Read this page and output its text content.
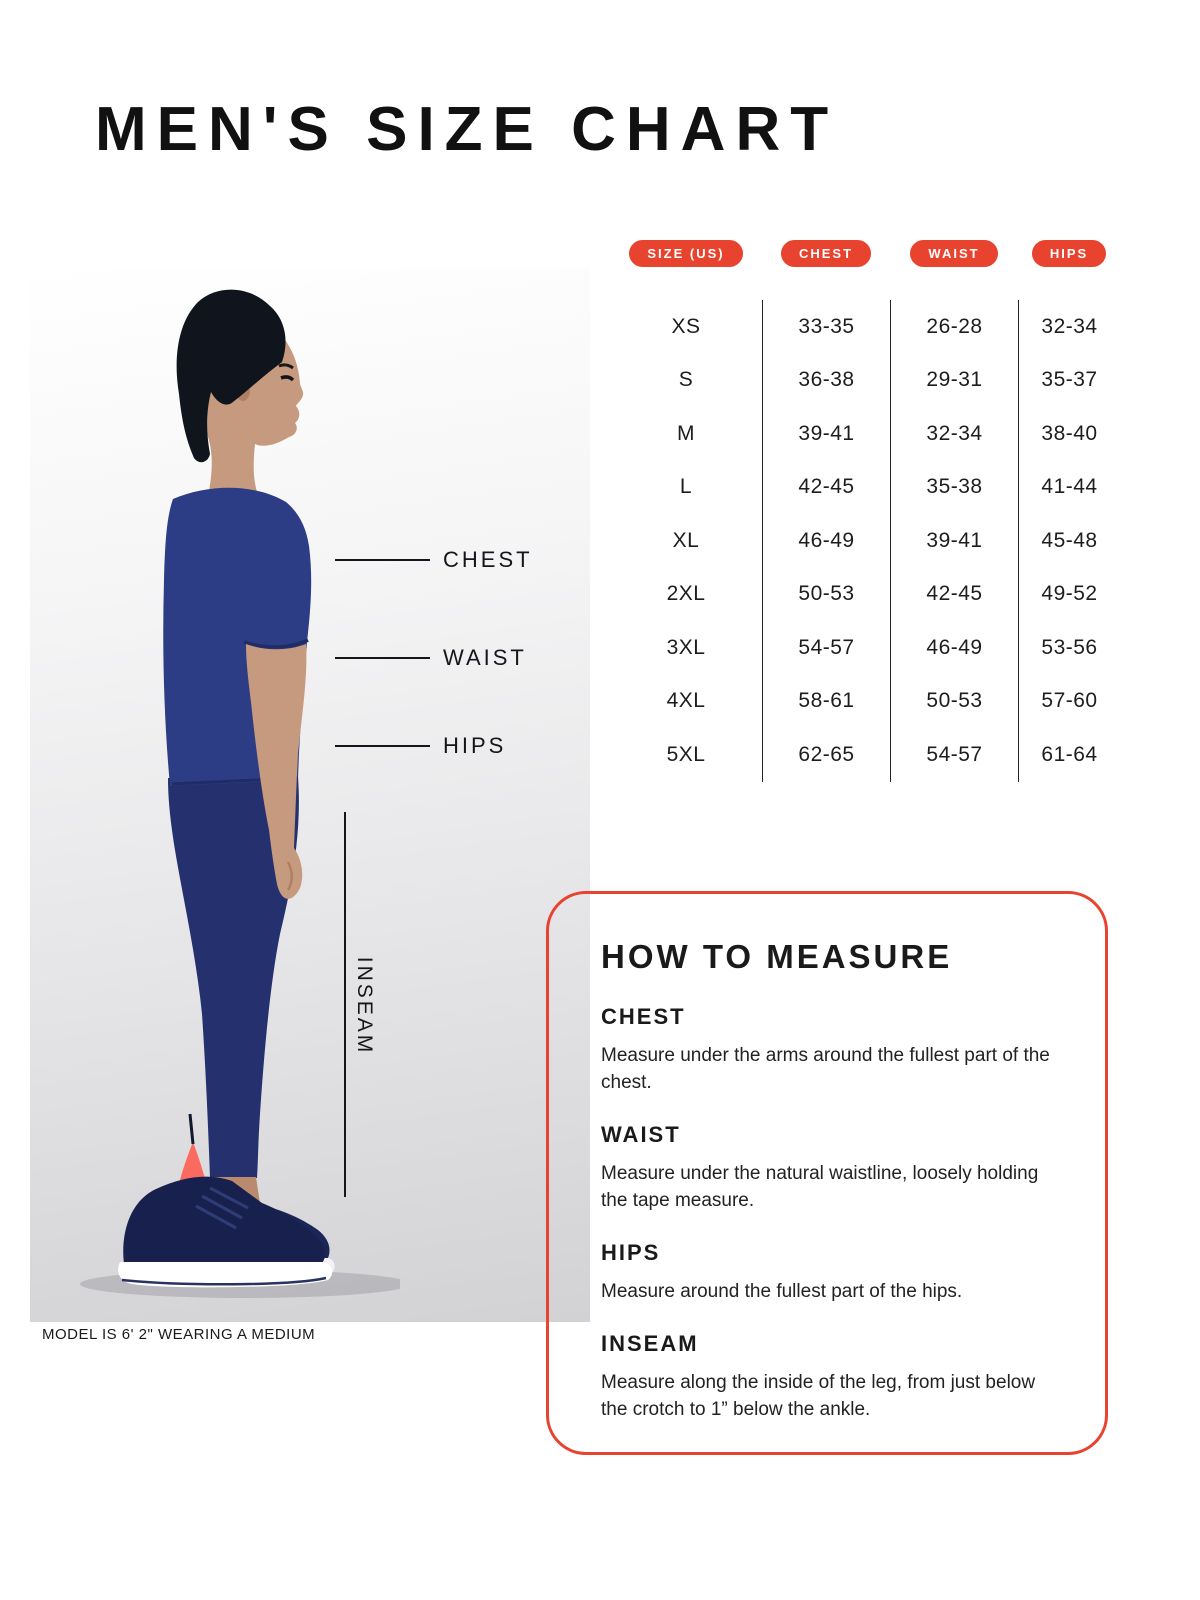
MEN'S SIZE CHART
CHEST
WAIST
HIPS
INSEAM
MODEL IS 6' 2" WEARING A MEDIUM
SIZE (US)	CHEST	WAIST	HIPS
XS	33-35	26-28	32-34
S	36-38	29-31	35-37
M	39-41	32-34	38-40
L	42-45	35-38	41-44
XL	46-49	39-41	45-48
2XL	50-53	42-45	49-52
3XL	54-57	46-49	53-56
4XL	58-61	50-53	57-60
5XL	62-65	54-57	61-64
HOW TO MEASURE
CHEST
Measure under the arms around the fullest part of the chest.
WAIST
Measure under the natural waistline, loosely holding the tape measure.
HIPS
Measure around the fullest part of the hips.
INSEAM
Measure along the inside of the leg, from just below the crotch to 1” below the ankle.
